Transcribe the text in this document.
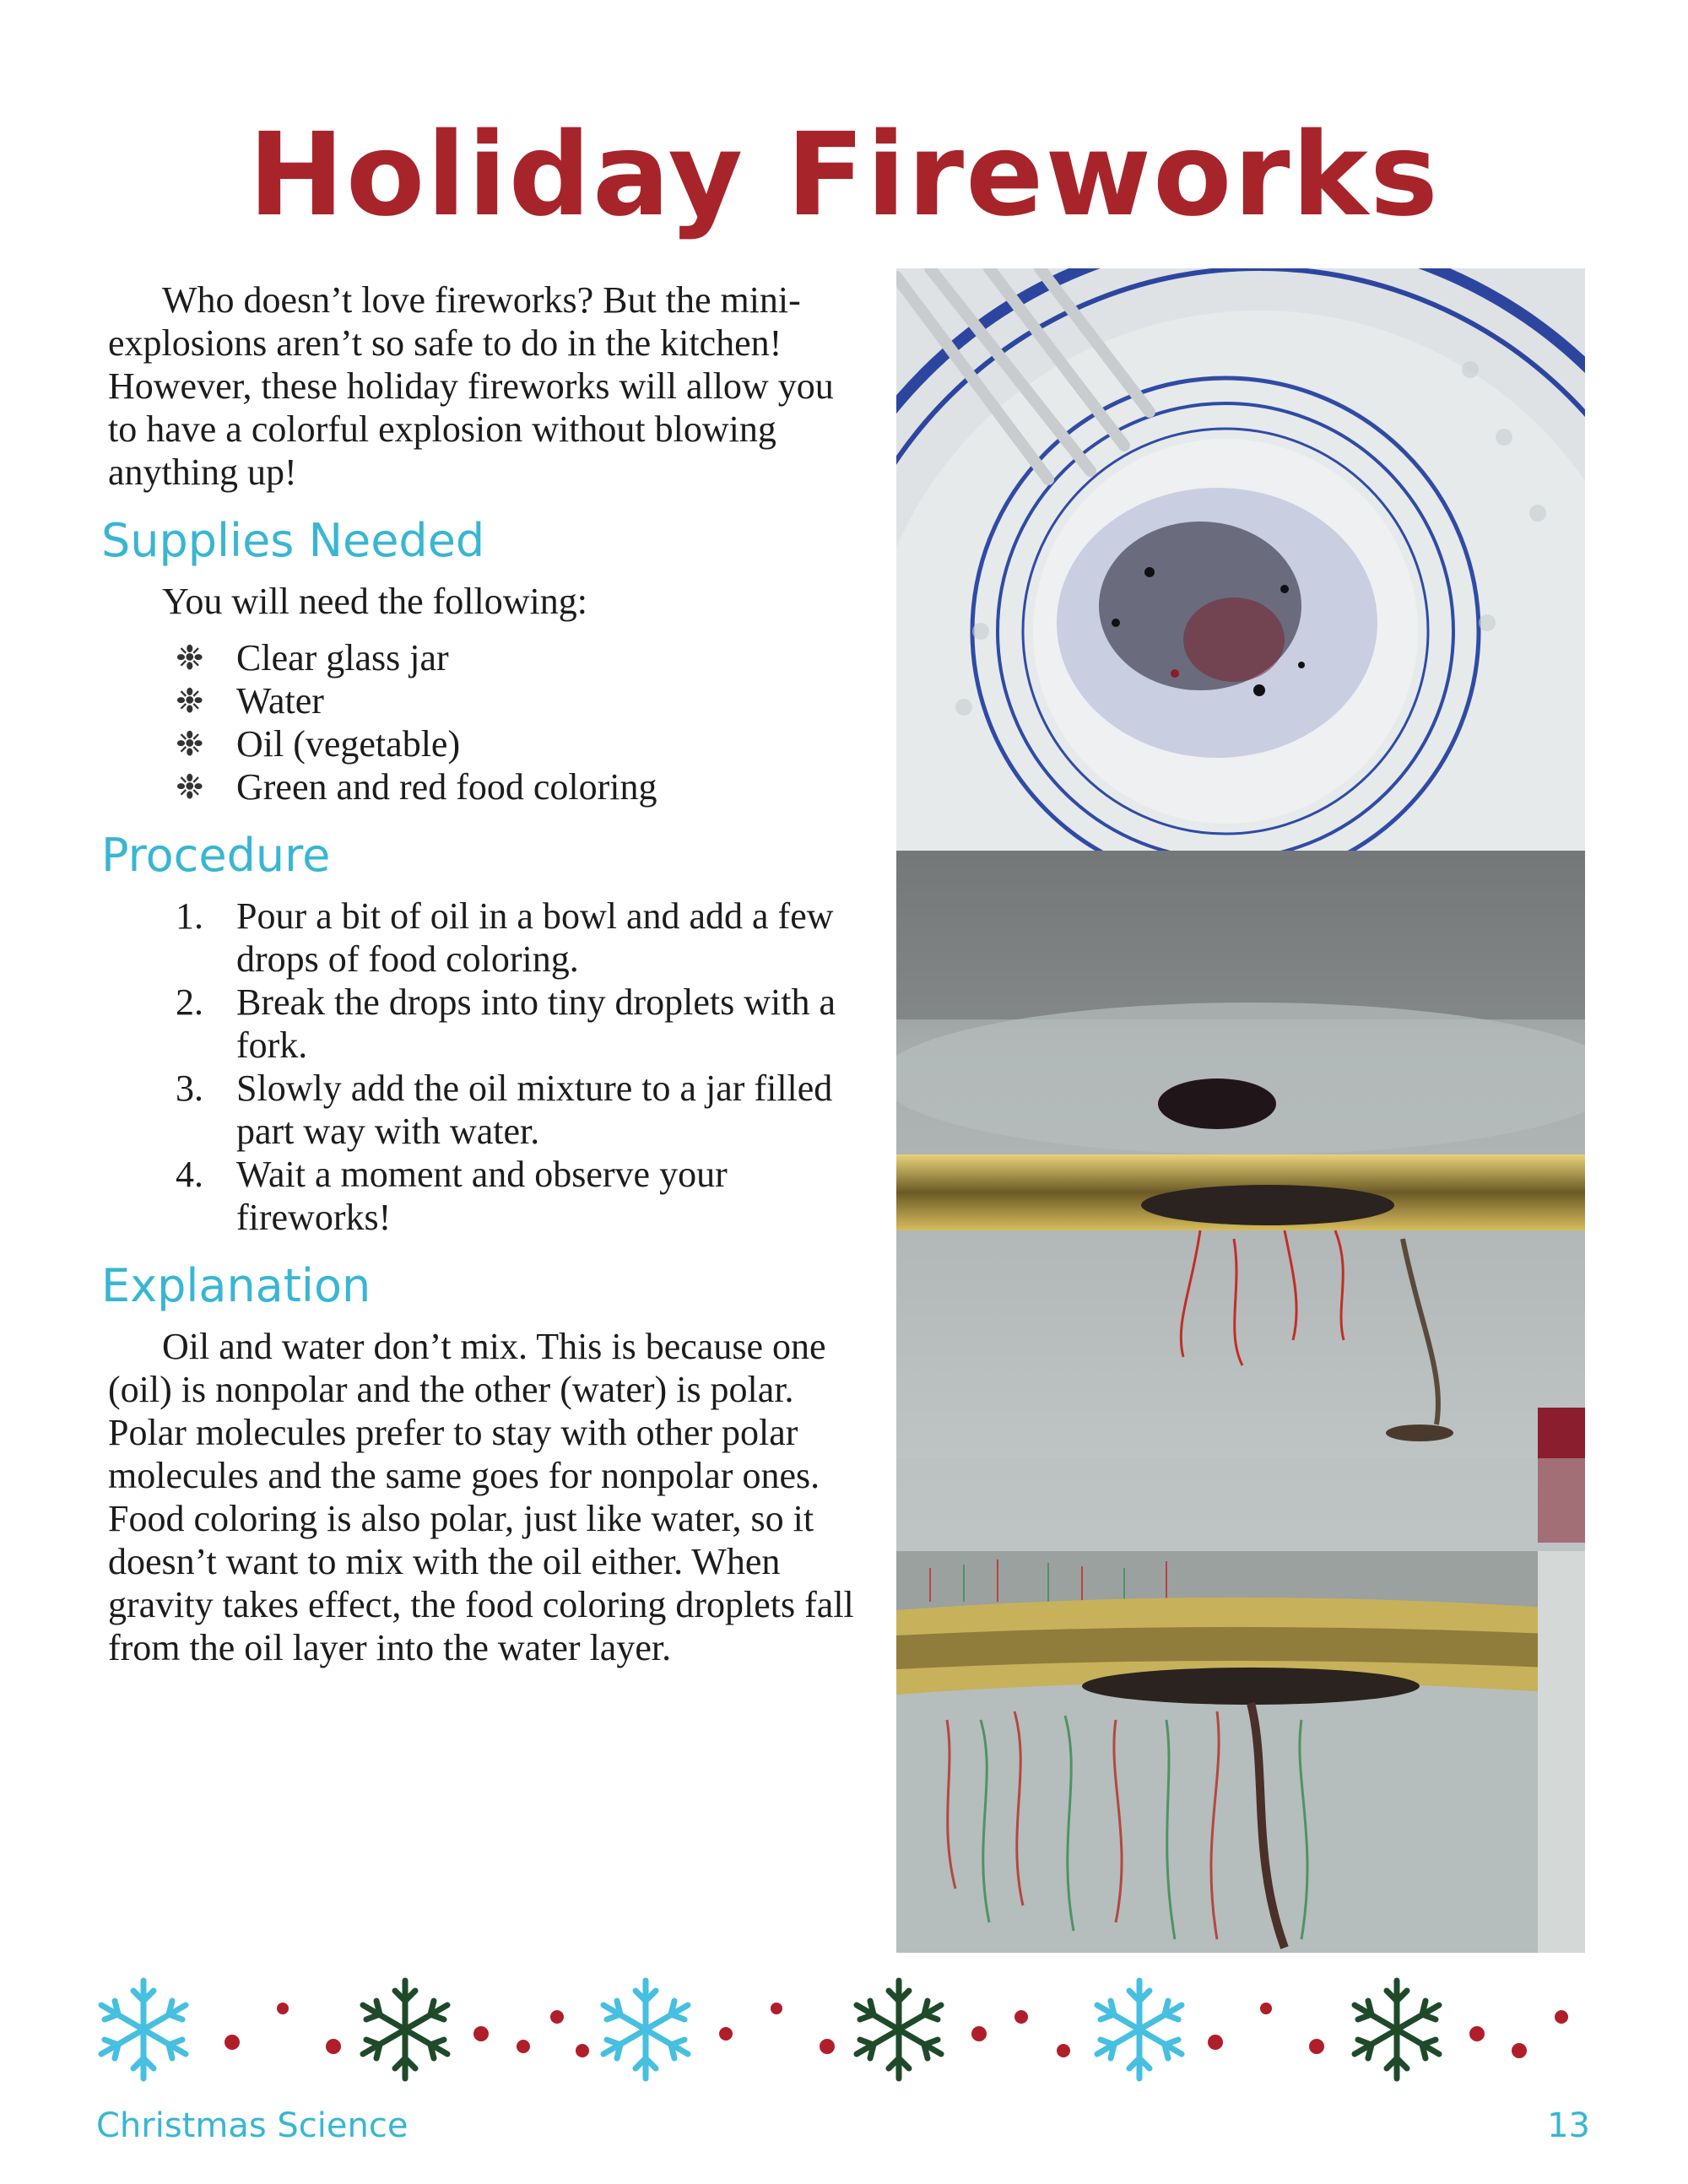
Holiday Fireworks

Who doesn’t love fireworks? But the mini-explosions aren’t so safe to do in the kitchen! However, these holiday fireworks will allow you to have a colorful explosion without blowing anything up!

Supplies Needed
You will need the following:
❉ Clear glass jar
❉ Water
❉ Oil (vegetable)
❉ Green and red food coloring
Procedure
1. Pour a bit of oil in a bowl and add a few drops of food coloring.
2. Break the drops into tiny droplets with a fork.
3. Slowly add the oil mixture to a jar filled part way with water.
4. Wait a moment and observe your fireworks!
Explanation

Oil and water don’t mix. This is because one (oil) is nonpolar and the other (water) is polar. Polar molecules prefer to stay with other polar molecules and the same goes for nonpolar ones. Food coloring is also polar, just like water, so it doesn’t want to mix with the oil either. When gravity takes effect, the food coloring droplets fall from the oil layer into the water layer.

Christmas Science	13
